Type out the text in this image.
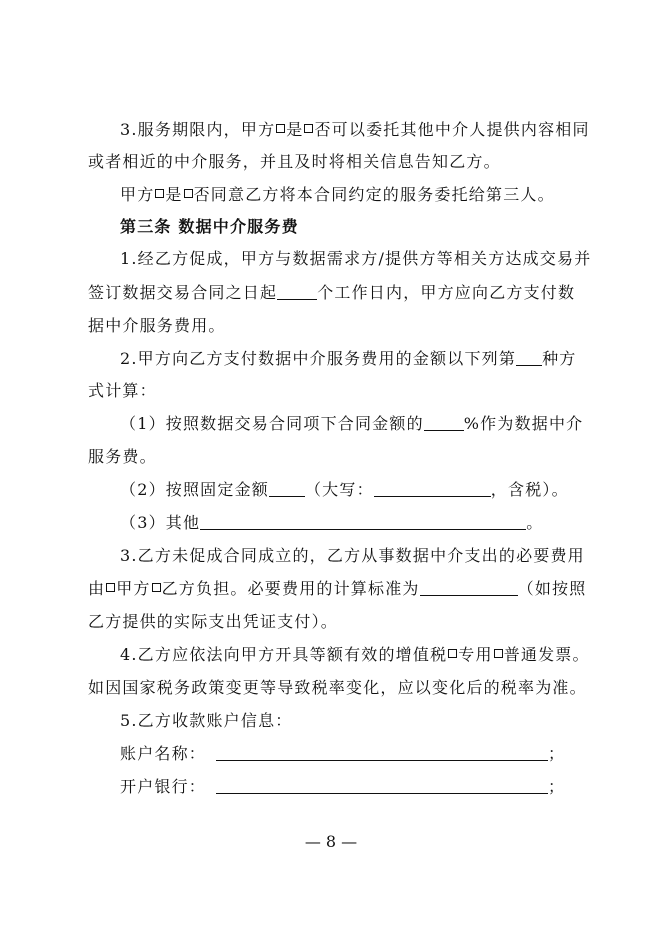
3.服务期限内，甲方 是 否可以委托其他中介人提供内容相同
或者相近的中介服务，并且及时将相关信息告知乙方。
甲方 是 否同意乙方将本合同约定的服务委托给第三人。
第三条 数据中介服务费
1.经乙方促成，甲方与数据需求方/提供方等相关方达成交易并
签订数据交易合同之日起	个工作日内，甲方应向乙方支付数
据中介服务费用。
2.甲方向乙方支付数据中介服务费用的金额以下列第 种方
式计算：
（1）按照数据交易合同项下合同金额的	%作为数据中介
服务费。
（2）按照固定金额 （大写：	，含税）。
（3）其他	。
3.乙方未促成合同成立的，乙方从事数据中介支出的必要费用
由 甲方 乙方负担。必要费用的计算标准为	（如按照
乙方提供的实际支出凭证支付）。
4.乙方应依法向甲方开具等额有效的增值税 专用 普通发票。
如因国家税务政策变更等导致税率变化，应以变化后的税率为准。
5.乙方收款账户信息：
账户名称：	；
开户银行：	；
— 8 —
